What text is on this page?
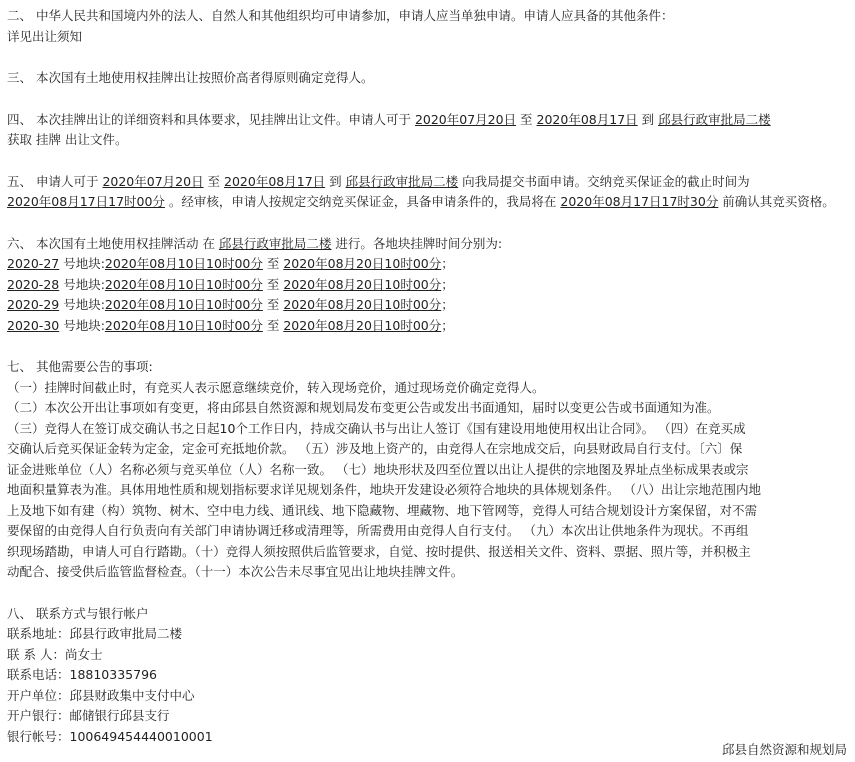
二、 中华人民共和国境内外的法人、自然人和其他组织均可申请参加，申请人应当单独申请。申请人应具备的其他条件：

详见出让须知

三、 本次国有土地使用权挂牌出让按照价高者得原则确定竞得人。

四、 本次挂牌出让的详细资料和具体要求，见挂牌出让文件。申请人可于 2020年07月20日 至 2020年08月17日 到 邱县行政审批局二楼
获取 挂牌 出让文件。

五、 申请人可于 2020年07月20日 至 2020年08月17日 到 邱县行政审批局二楼 向我局提交书面申请。交纳竞买保证金的截止时间为
2020年08月17日17时00分 。经审核，申请人按规定交纳竞买保证金，具备申请条件的，我局将在 2020年08月17日17时30分 前确认其竞买资格。

六、 本次国有土地使用权挂牌活动 在 邱县行政审批局二楼 进行。各地块挂牌时间分别为:

2020-27 号地块:2020年08月10日10时00分 至 2020年08月20日10时00分；

2020-28 号地块:2020年08月10日10时00分 至 2020年08月20日10时00分；

2020-29 号地块:2020年08月10日10时00分 至 2020年08月20日10时00分；

2020-30 号地块:2020年08月10日10时00分 至 2020年08月20日10时00分；

七、 其他需要公告的事项:

（一）挂牌时间截止时，有竞买人表示愿意继续竞价，转入现场竞价，通过现场竞价确定竞得人。

（二）本次公开出让事项如有变更，将由邱县自然资源和规划局发布变更公告或发出书面通知，届时以变更公告或书面通知为准。

（三）竞得人在签订成交确认书之日起10个工作日内，持成交确认书与出让人签订《国有建设用地使用权出让合同》。 （四）在竞买成

交确认后竞买保证金转为定金，定金可充抵地价款。 （五）涉及地上资产的，由竞得人在宗地成交后，向县财政局自行支付。〔六〕保

证金进账单位（人）名称必须与竞买单位（人）名称一致。 （七）地块形状及四至位置以出让人提供的宗地图及界址点坐标成果表或宗

地面积量算表为准。具体用地性质和规划指标要求详见规划条件，地块开发建设必须符合地块的具体规划条件。 （八）出让宗地范围内地

上及地下如有建（构）筑物、树木、空中电力线、通讯线、地下隐藏物、埋藏物、地下管网等，竞得人可结合规划设计方案保留，对不需

要保留的由竞得人自行负责向有关部门申请协调迁移或清理等，所需费用由竞得人自行支付。 （九）本次出让供地条件为现状。不再组

织现场踏勘，申请人可自行踏勘。（十）竞得人须按照供后监管要求，自觉、按时提供、报送相关文件、资料、票据、照片等，并积极主

动配合、接受供后监管监督检查。（十一）本次公告未尽事宜见出让地块挂牌文件。

八、 联系方式与银行帐户

联系地址：邱县行政审批局二楼

联 系 人：尚女士

联系电话：18810335796

开户单位：邱县财政集中支付中心

开户银行：邮储银行邱县支行

银行帐号：100649454440010001

邱县自然资源和规划局
